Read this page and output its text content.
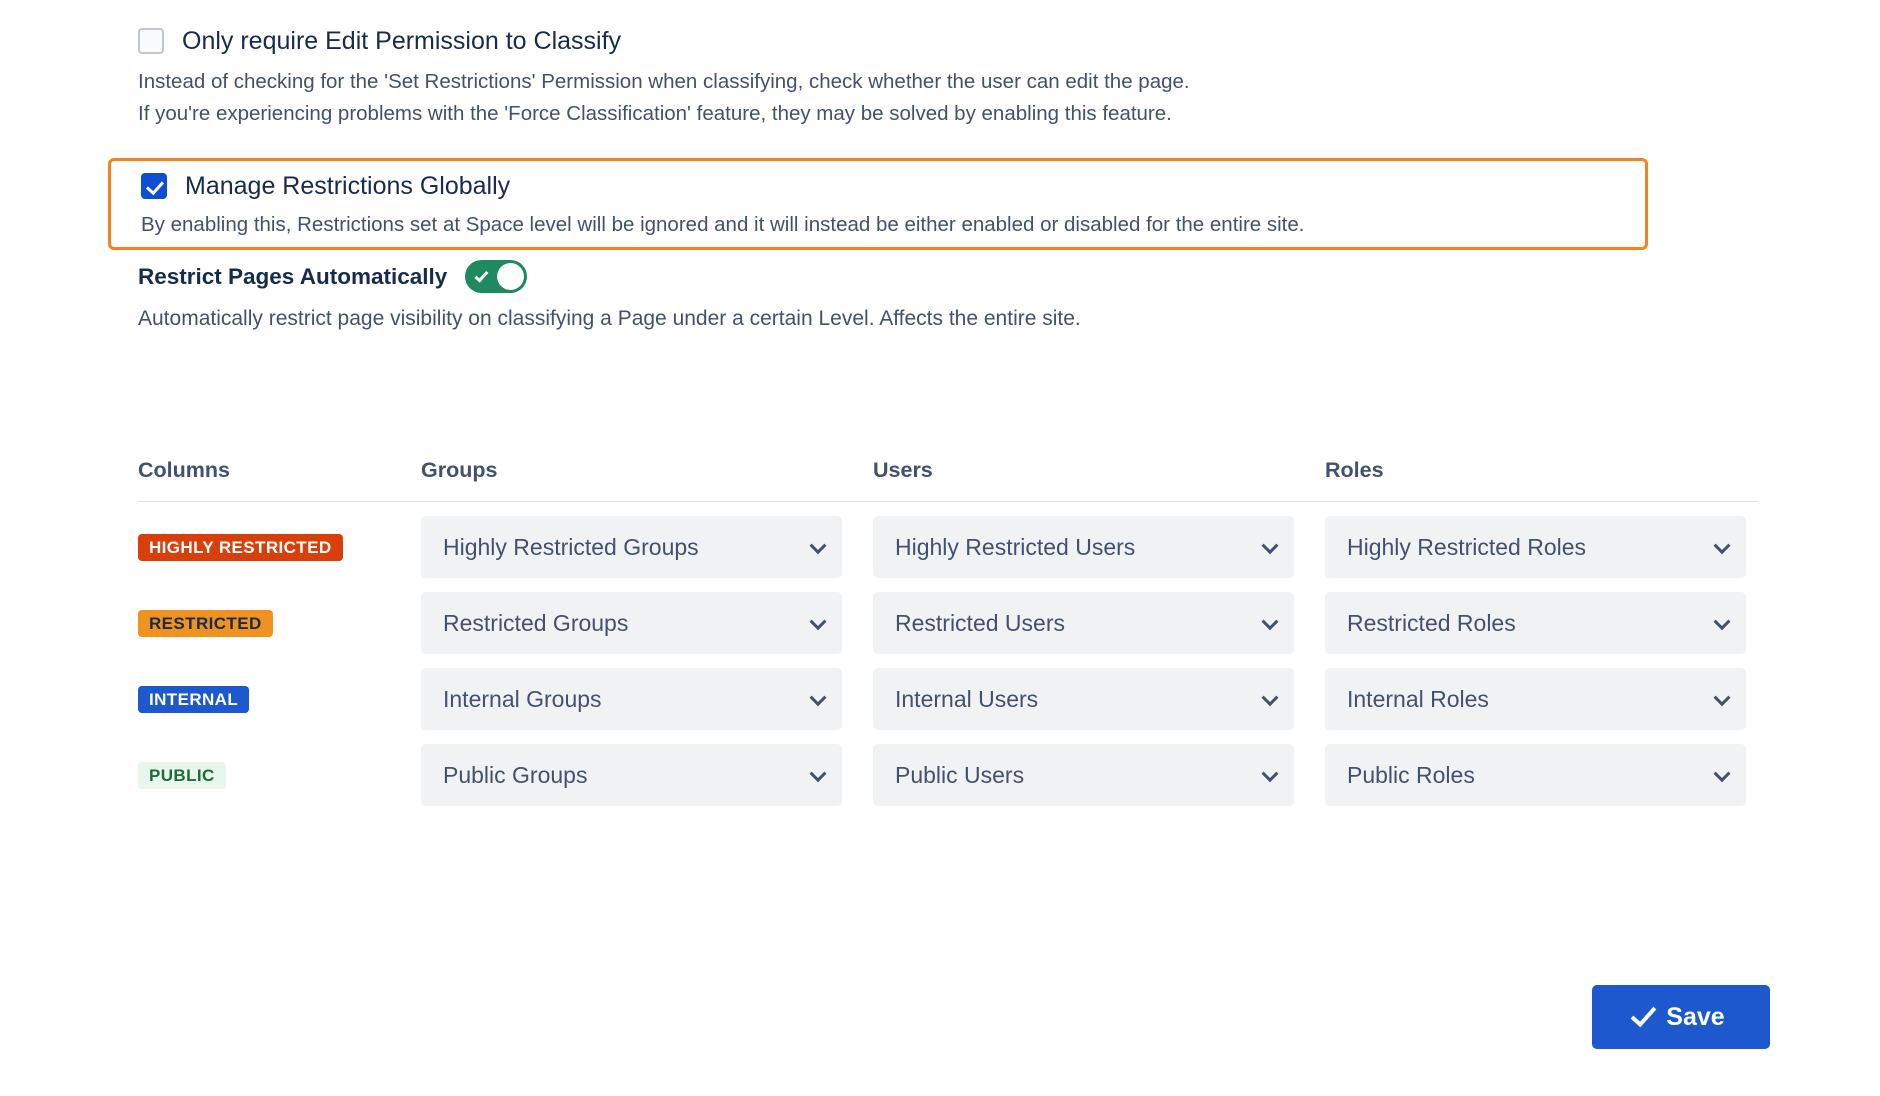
Only require Edit Permission to Classify
Instead of checking for the 'Set Restrictions' Permission when classifying, check whether the user can edit the page.
If you're experiencing problems with the 'Force Classification' feature, they may be solved by enabling this feature.
Manage Restrictions Globally
By enabling this, Restrictions set at Space level will be ignored and it will instead be either enabled or disabled for the entire site.
Restrict Pages Automatically
Automatically restrict page visibility on classifying a Page under a certain Level. Affects the entire site.
Columns	Groups	Users	Roles
HIGHLY RESTRICTED	Highly Restricted Groups	Highly Restricted Users	Highly Restricted Roles
RESTRICTED	Restricted Groups	Restricted Users	Restricted Roles
INTERNAL	Internal Groups	Internal Users	Internal Roles
PUBLIC	Public Groups	Public Users	Public Roles
Save
